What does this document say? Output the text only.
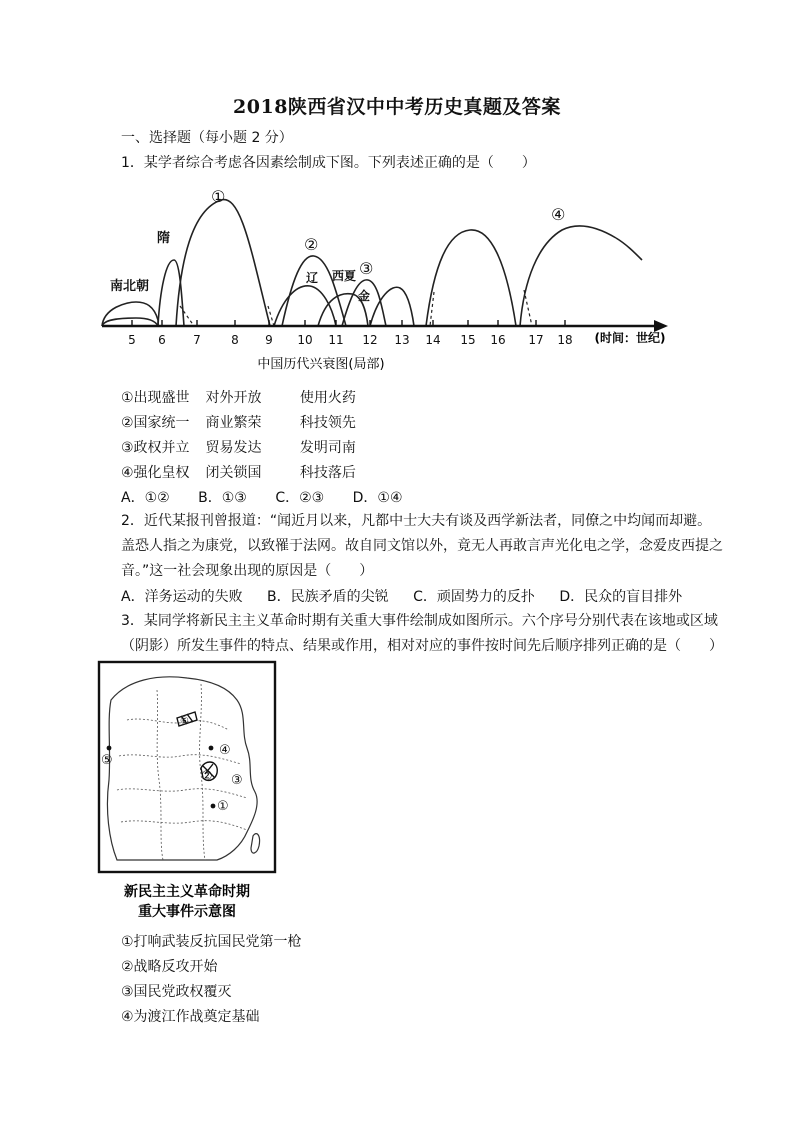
2018陕西省汉中中考历史真题及答案
一、选择题（每小题 2 分）
1．某学者综合考虑各因素绘制成下图。下列表述正确的是（　　）
5 6 7	8 9 10 11 12 13 14 15 16 17 18 (时间：世纪)
南北朝
隋
辽 西夏
金
①
②
③
④
中国历代兴衰图(局部)
①出现盛世 对外开放	使用火药
②国家统一 商业繁荣	科技领先
③政权并立 贸易发达	发明司南
④强化皇权 闭关锁国	科技落后
A．①② B．①③ C．②③ D．①④
2．近代某报刊曾报道：“闻近月以来，凡都中士大夫有谈及西学新法者，同僚之中均闻而却避。
盖恐人指之为康党，以致罹于法网。故自同文馆以外，竟无人再敢言声光化电之学，念爱皮西提之
音。”这一社会现象出现的原因是（　　）
A．洋务运动的失败 B．民族矛盾的尖锐 C．顽固势力的反扑 D．民众的盲目排外
3．某同学将新民主主义革命时期有关重大事件绘制成如图所示。六个序号分别代表在该地或区域
（阴影）所发生事件的特点、结果或作用，相对对应的事件按时间先后顺序排列正确的是（　　）
①
② ③
④
⑤
⑥
新民主主义革命时期
重大事件示意图
①打响武装反抗国民党第一枪
②战略反攻开始
③国民党政权覆灭
④为渡江作战奠定基础
